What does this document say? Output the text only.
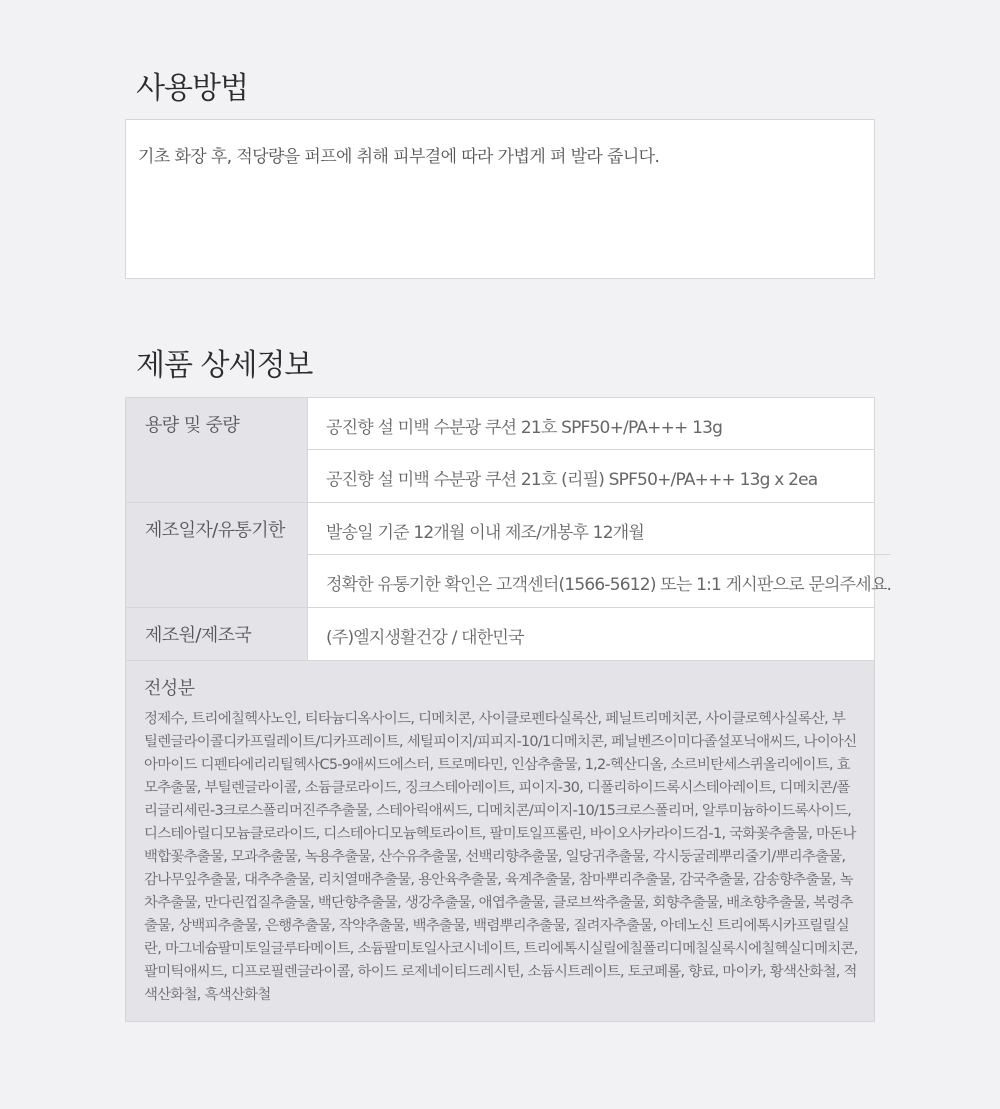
사용방법
기초 화장 후, 적당량을 퍼프에 취해 피부결에 따라 가볍게 펴 발라 줍니다.
제품 상세정보
용량 및 중량	공진향 설 미백 수분광 쿠션 21호 SPF50+/PA+++ 13g
공진향 설 미백 수분광 쿠션 21호 (리필) SPF50+/PA+++ 13g x 2ea
제조일자/유통기한	발송일 기준 12개월 이내 제조/개봉후 12개월
정확한 유통기한 확인은 고객센터(1566-5612) 또는 1:1 게시판으로 문의주세요.
제조원/제조국	(주)엘지생활건강 / 대한민국
전성분
정제수, 트리에칠헥사노인, 티타늄디옥사이드, 디메치콘, 사이클로펜타실록산, 페닐트리메치콘, 사이클로헥사실록산, 부틸렌글라이콜디카프릴레이트/디카프레이트, 세틸피이지/피피지-10/1디메치콘, 페닐벤즈이미다졸설포닉애씨드, 나이아신아마이드 디펜타에리리틸헥사C5-9애씨드에스터, 트로메타민, 인삼추출물, 1,2-헥산디올, 소르비탄세스퀴올리에이트, 효모추출물, 부틸렌글라이콜, 소듐클로라이드, 징크스테아레이트, 피이지-30, 디폴리하이드록시스테아레이트, 디메치콘/폴리글리세린-3크로스폴리머진주추출물, 스테아릭애씨드, 디메치콘/피이지-10/15크로스폴리머, 알루미늄하이드록사이드, 디스테아릴디모늄클로라이드, 디스테아디모늄헥토라이트, 팔미토일프롤린, 바이오사카라이드검-1, 국화꽃추출물, 마돈나백합꽃추출물, 모과추출물, 녹용추출물, 산수유추출물, 선백리향추출물, 일당귀추출물, 각시둥굴레뿌리줄기/뿌리추출물, 감나무잎추출물, 대추추출물, 리치열매추출물, 용안육추출물, 육계추출물, 참마뿌리추출물, 감국추출물, 감송향추출물, 녹차추출물, 만다린껍질추출물, 백단향추출물, 생강추출물, 애엽추출물, 클로브싹추출물, 회향추출물, 배초향추출물, 복령추출물, 상백피추출물, 은행추출물, 작약추출물, 백추출물, 백렴뿌리추출물, 질려자추출물, 아데노신 트리에톡시카프릴릴실란, 마그네슘팔미토일글루타메이트, 소듐팔미토일사코시네이트, 트리에톡시실릴에칠폴리디메칠실록시에칠헥실디메치콘, 팔미틱애씨드, 디프로필렌글라이콜, 하이드 로제네이티드레시틴, 소듐시트레이트, 토코페롤, 향료, 마이카, 황색산화철, 적색산화철, 흑색산화철
